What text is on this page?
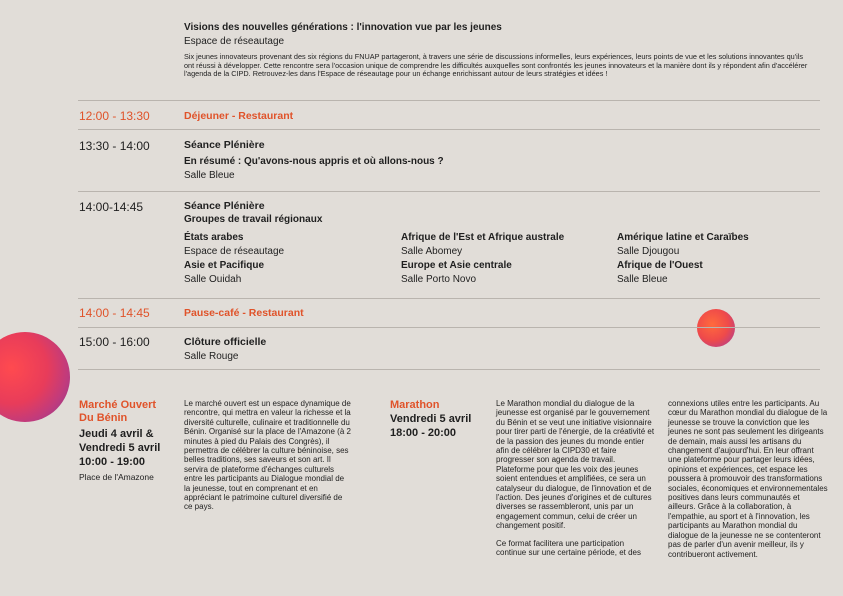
Visions des nouvelles générations : l'innovation vue par les jeunes
Espace de réseautage
Six jeunes innovateurs provenant des six régions du FNUAP partageront, à travers une série de discussions informelles, leurs expériences, leurs points de vue et les solutions innovantes qu'ils ont réussi à développer. Cette rencontre sera l'occasion unique de comprendre les difficultés auxquelles sont confrontés les jeunes innovateurs et la manière dont ils y répondent afin d'accélérer l'agenda de la CIPD. Retrouvez-les dans l'Espace de réseautage pour un échange enrichissant autour de leurs stratégies et idées !
12:00 - 13:30	Déjeuner - Restaurant
13:30 - 14:00	Séance Plénière
En résumé : Qu'avons-nous appris et où allons-nous ?
Salle Bleue
14:00-14:45	Séance Plénière
Groupes de travail régionaux
États arabes
Espace de réseautage
Asie et Pacifique
Salle Ouidah
Afrique de l'Est et Afrique australe
Salle Abomey
Europe et Asie centrale
Salle Porto Novo
Amérique latine et Caraïbes
Salle Djougou
Afrique de l'Ouest
Salle Bleue
14:00 - 14:45	Pause-café - Restaurant
15:00 - 16:00	Clôture officielle
Salle Rouge
Marché Ouvert
Du Bénin
Jeudi 4 avril &
Vendredi 5 avril
10:00 - 19:00
Place de l'Amazone
Le marché ouvert est un espace dynamique de rencontre, qui mettra en valeur la richesse et la diversité culturelle, culinaire et traditionnelle du Bénin. Organisé sur la place de l'Amazone (à 2 minutes à pied du Palais des Congrès), il permettra de célébrer la culture béninoise, ses belles traditions, ses saveurs et son art. Il servira de plateforme d'échanges culturels entre les participants au Dialogue mondial de la jeunesse, tout en comprenant et en appréciant le patrimoine culturel diversifié de ce pays.
Marathon
Vendredi 5 avril
18:00 - 20:00
Le Marathon mondial du dialogue de la jeunesse est organisé par le gouvernement du Bénin et se veut une initiative visionnaire pour tirer parti de l'énergie, de la créativité et de la passion des jeunes du monde entier afin de célébrer la CIPD30 et faire progresser son agenda de travail. Plateforme pour que les voix des jeunes soient entendues et amplifiées, ce sera un catalyseur du dialogue, de l'innovation et de l'action. Des jeunes d'origines et de cultures diverses se rassembleront, unis par un engagement commun, celui de créer un changement positif.
Ce format facilitera une participation continue sur une certaine période, et des
connexions utiles entre les participants. Au cœur du Marathon mondial du dialogue de la jeunesse se trouve la conviction que les jeunes ne sont pas seulement les dirigeants de demain, mais aussi les artisans du changement d'aujourd'hui. En leur offrant une plateforme pour partager leurs idées, opinions et expériences, cet espace les poussera à promouvoir des transformations sociales, économiques et environnementales positives dans leurs communautés et ailleurs. Grâce à la collaboration, à l'empathie, au sport et à l'innovation, les participants au Marathon mondial du dialogue de la jeunesse ne se contenteront pas de parler d'un avenir meilleur, ils y contribueront activement.
